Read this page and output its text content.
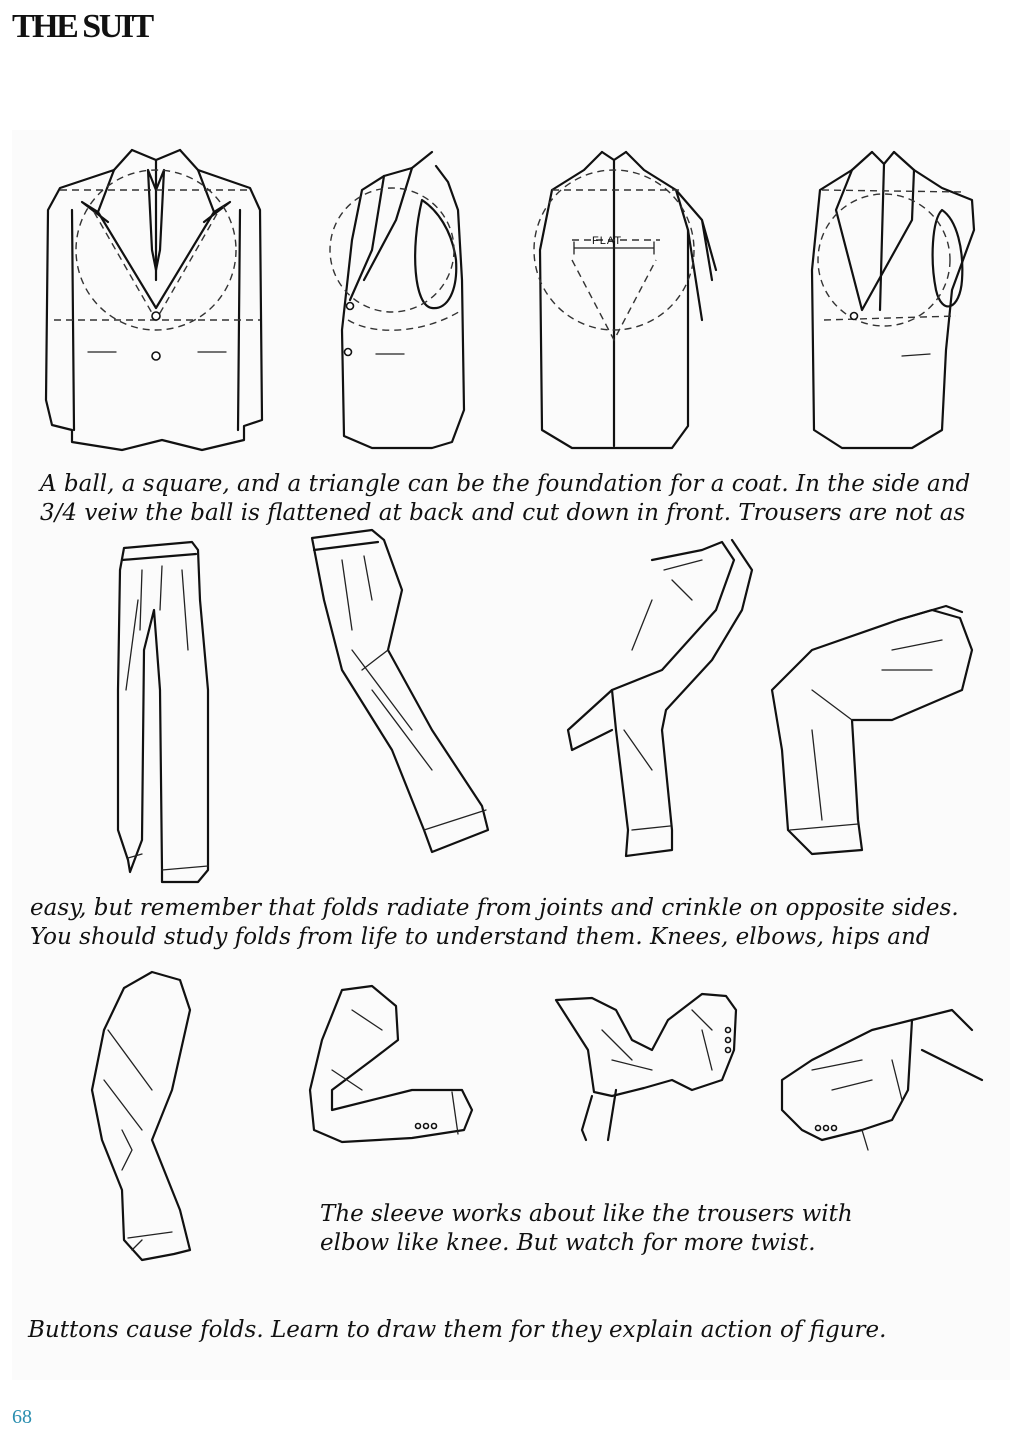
THE SUIT
FLAT

A ball, a square, and a triangle can be the foundation for a coat. In the side and

3/4 veiw the ball is flattened at back and cut down in front. Trousers are not as

easy, but remember that folds radiate from joints and crinkle on opposite sides.

You should study folds from life to understand them. Knees, elbows, hips and

The sleeve works about like the trousers with

elbow like knee. But watch for more twist.

Buttons cause folds. Learn to draw them for they explain action of figure.

68
